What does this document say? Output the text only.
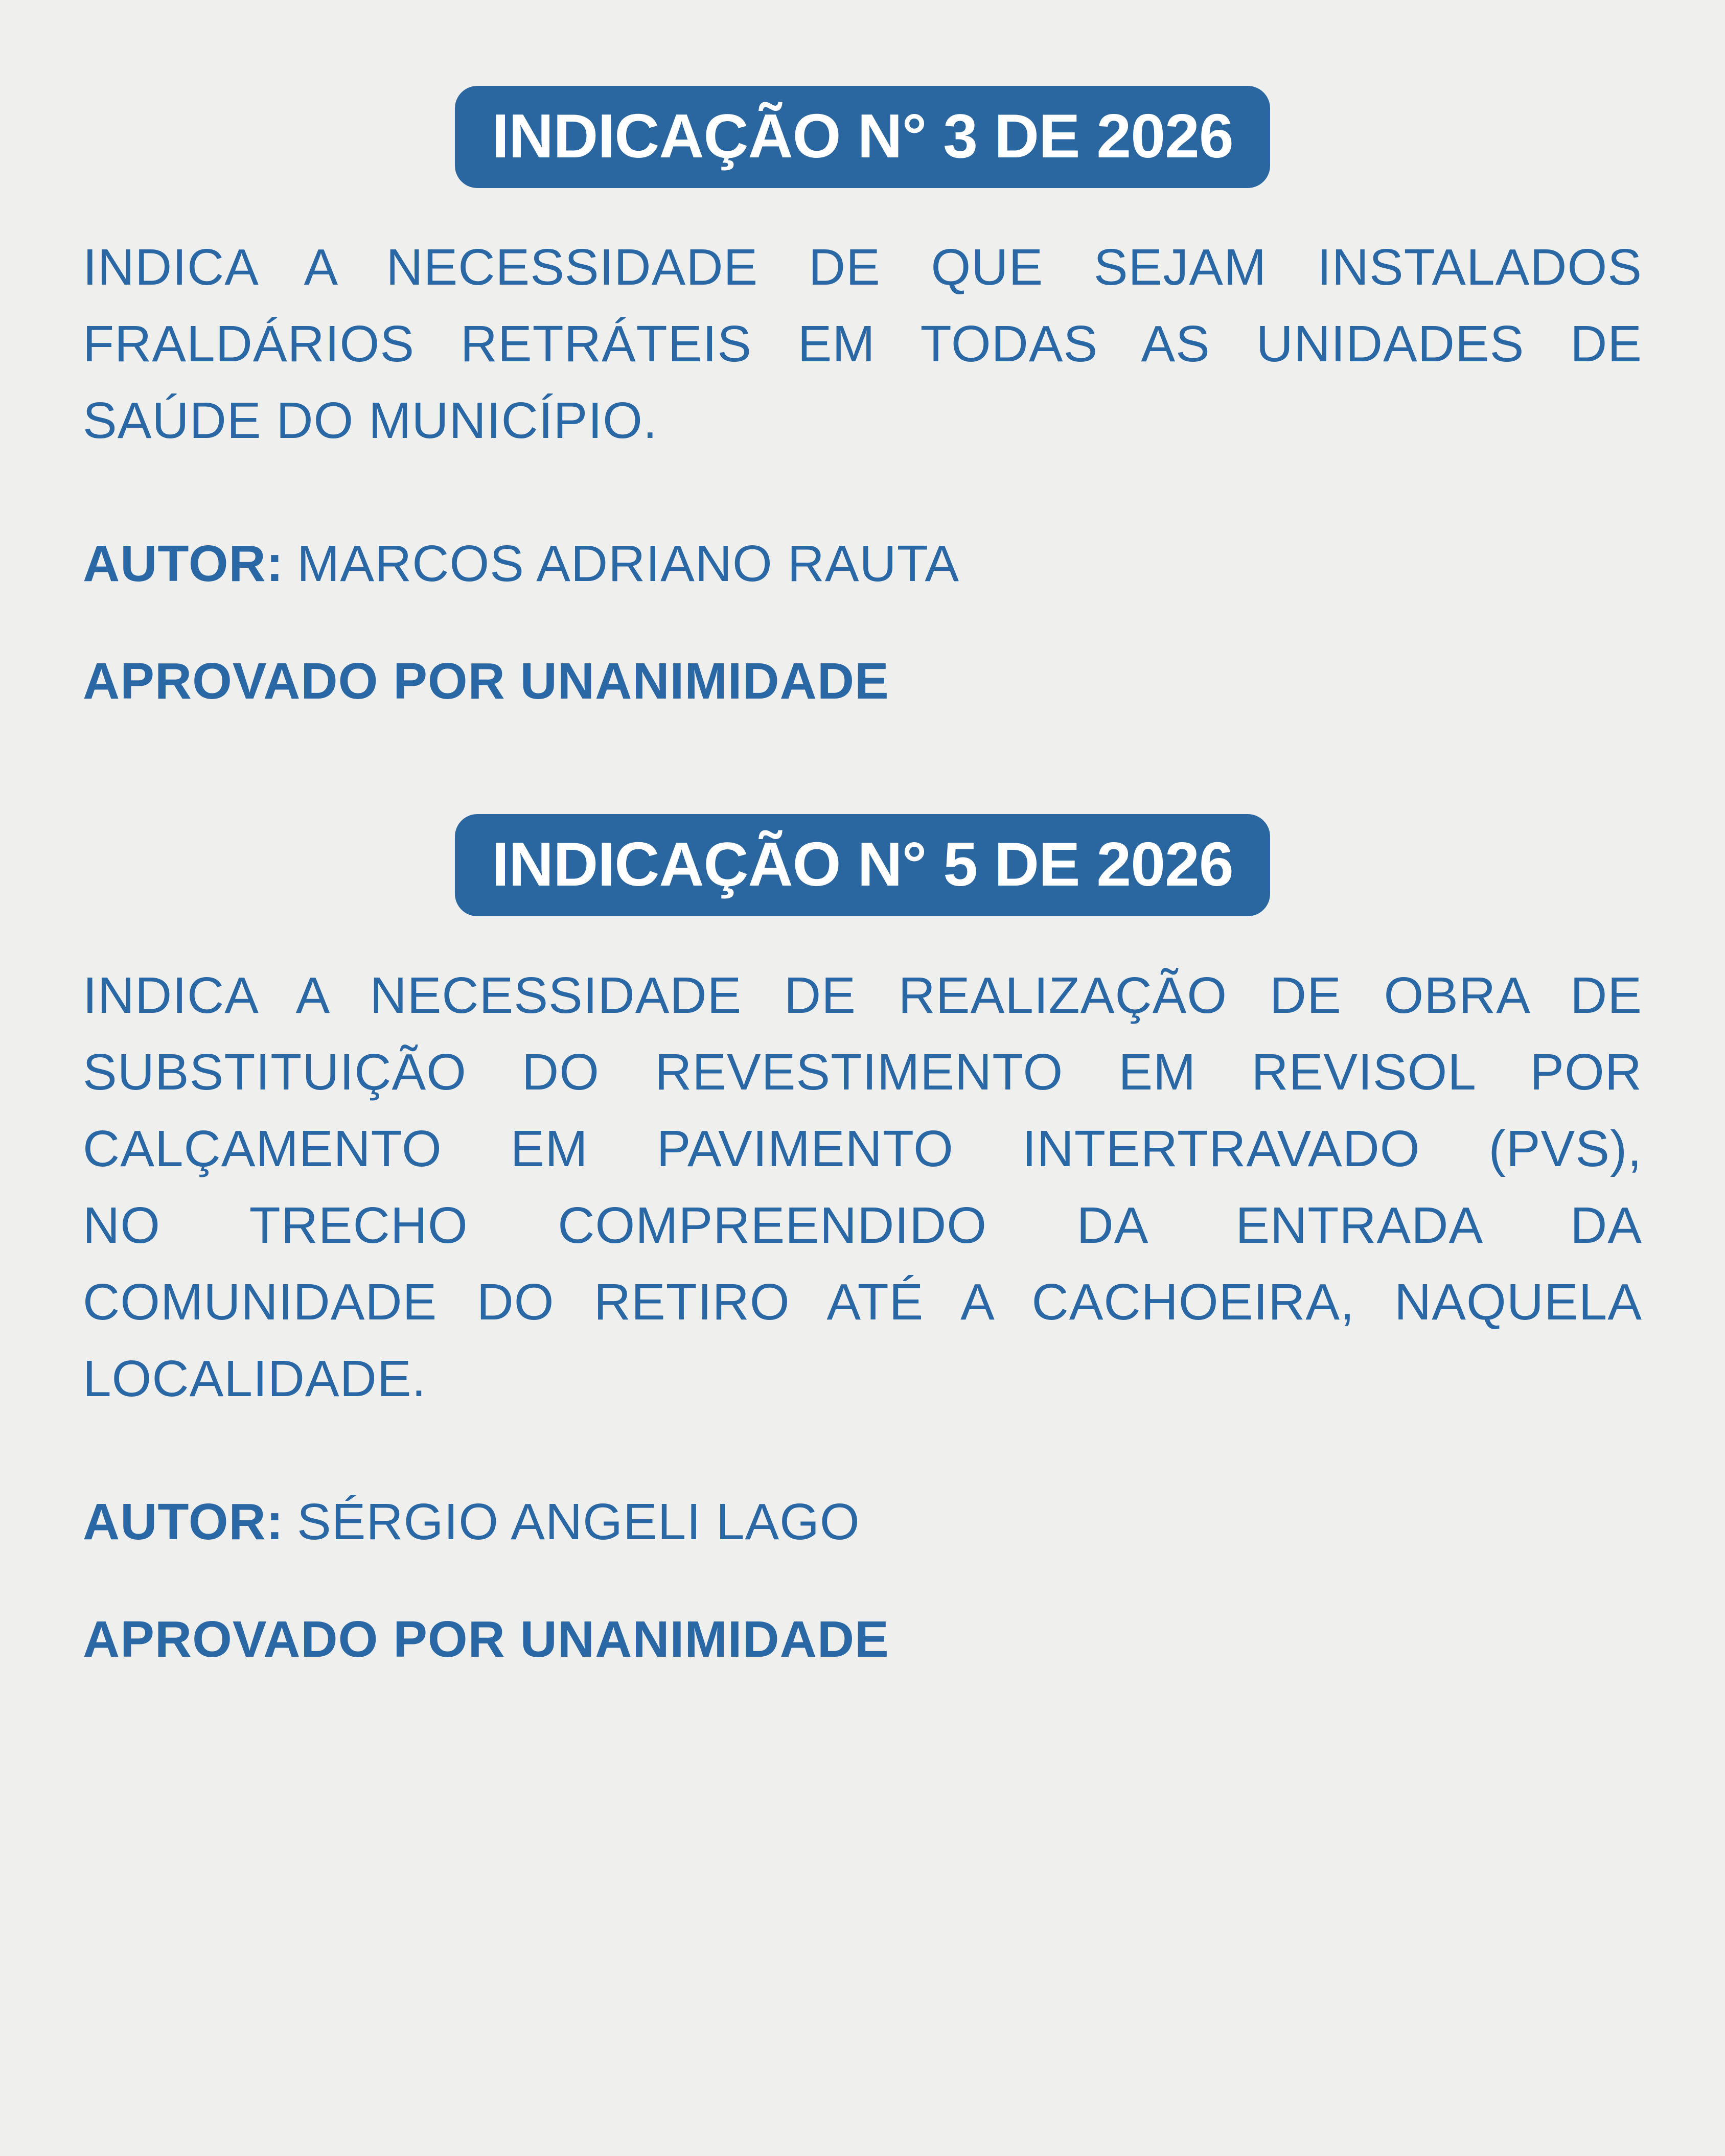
INDICAÇÃO N° 3 DE 2026
INDICA A NECESSIDADE DE QUE SEJAM INSTALADOS
FRALDÁRIOS RETRÁTEIS EM TODAS AS UNIDADES DE
SAÚDE DO MUNICÍPIO.
AUTOR: MARCOS ADRIANO RAUTA
APROVADO POR UNANIMIDADE
INDICAÇÃO N° 5 DE 2026
INDICA A NECESSIDADE DE REALIZAÇÃO DE OBRA DE
SUBSTITUIÇÃO DO REVESTIMENTO EM REVISOL POR
CALÇAMENTO EM PAVIMENTO INTERTRAVADO (PVS),
NO TRECHO COMPREENDIDO DA ENTRADA DA
COMUNIDADE DO RETIRO ATÉ A CACHOEIRA, NAQUELA
LOCALIDADE.
AUTOR: SÉRGIO ANGELI LAGO
APROVADO POR UNANIMIDADE
